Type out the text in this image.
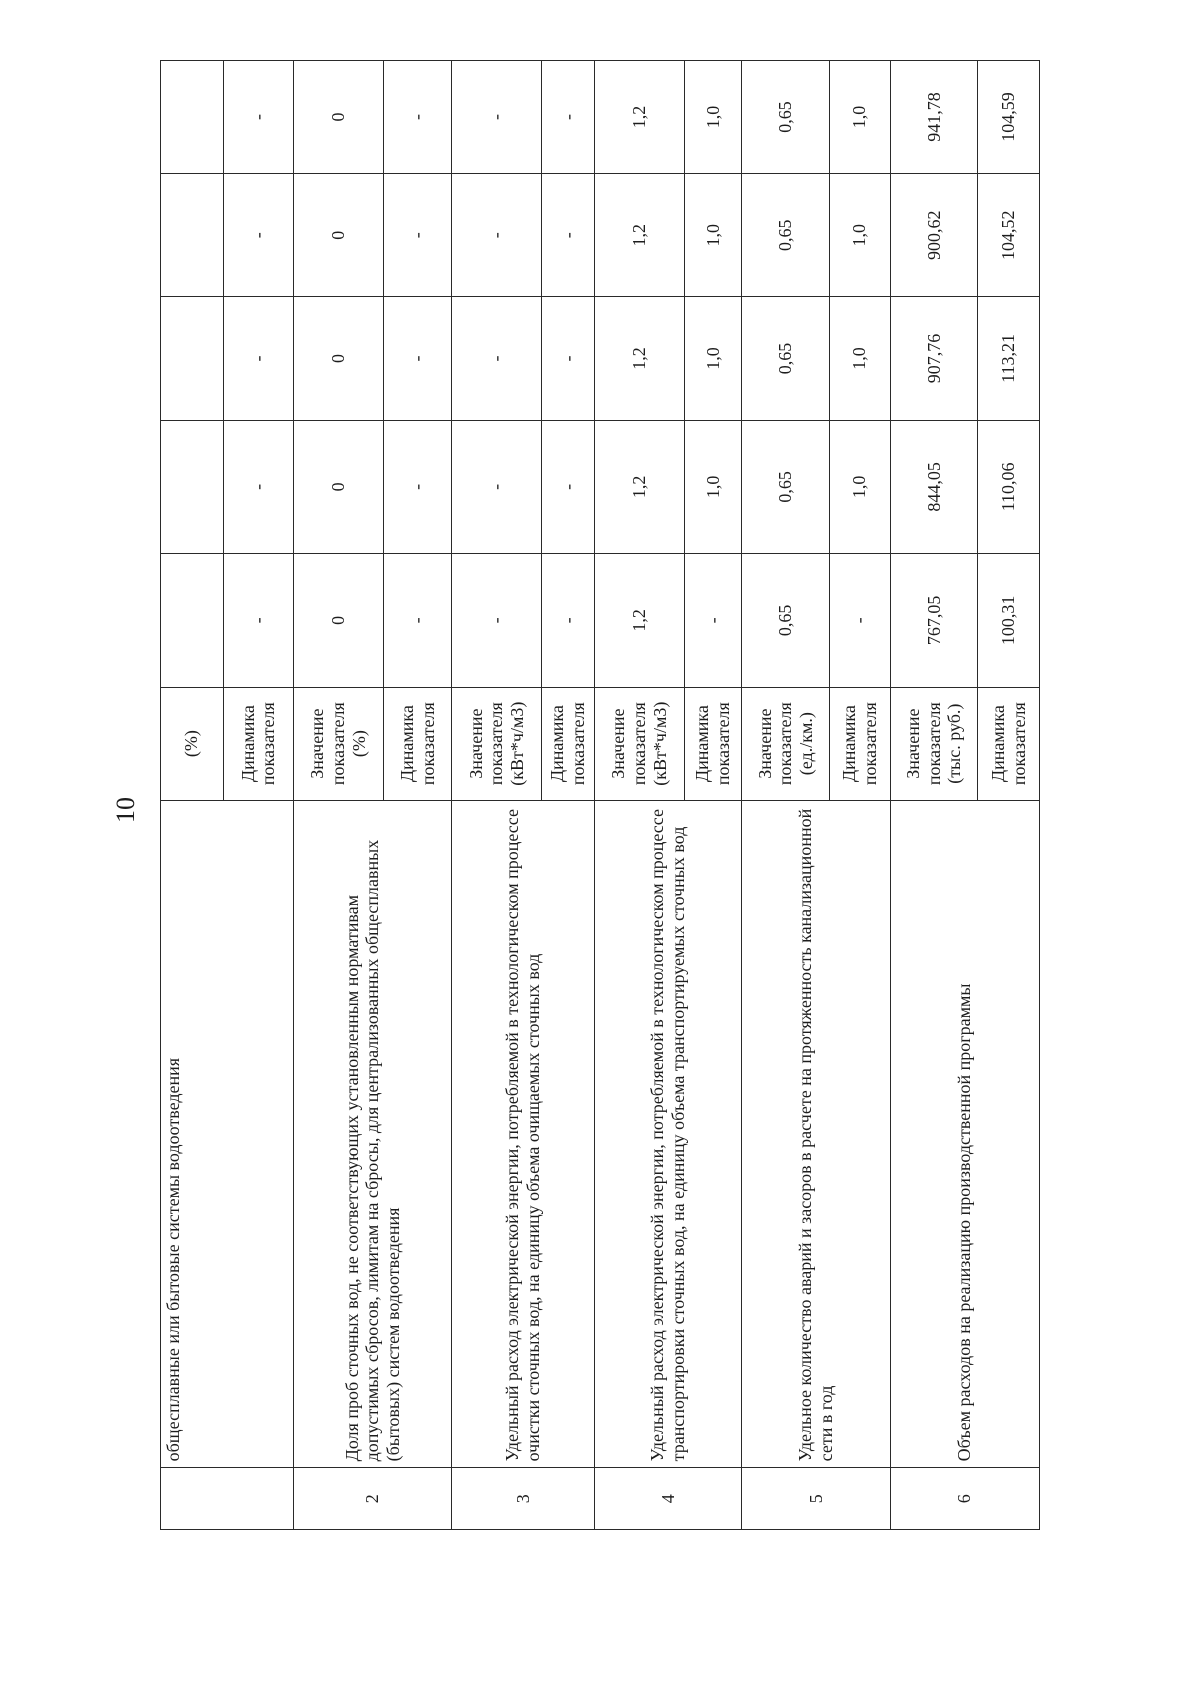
10
	общесплавные или бытовые системы водоотведения	(%)					
		Динамика показателя	-	-	-	-	-
2	Доля проб сточных вод, не соответствующих установленным нормативам допустимых сбросов, лимитам на сбросы, для централизованных общесплавных (бытовых) систем водоотведения	Значение показателя (%)	0	0	0	0	0
		Динамика показателя	-	-	-	-	-
3	Удельный расход электрической энергии, потребляемой в технологическом процессе очистки сточных вод, на единицу объема очищаемых сточных вод	Значение показателя (кВт*ч/м3)	-	-	-	-	-
		Динамика показателя	-	-	-	-	-
4	Удельный расход электрической энергии, потребляемой в технологическом процессе транспортировки сточных вод, на единицу объема транспортируемых сточных вод	Значение показателя (кВт*ч/м3)	1,2	1,2	1,2	1,2	1,2
		Динамика показателя	-	1,0	1,0	1,0	1,0
5	Удельное количество аварий и засоров в расчете на протяженность канализационной сети в год	Значение показателя (ед./км.)	0,65	0,65	0,65	0,65	0,65
		Динамика показателя	-	1,0	1,0	1,0	1,0
6	Объем расходов на реализацию производственной программы	Значение показателя (тыс. руб.)	767,05	844,05	907,76	900,62	941,78
		Динамика показателя	100,31	110,06	113,21	104,52	104,59
